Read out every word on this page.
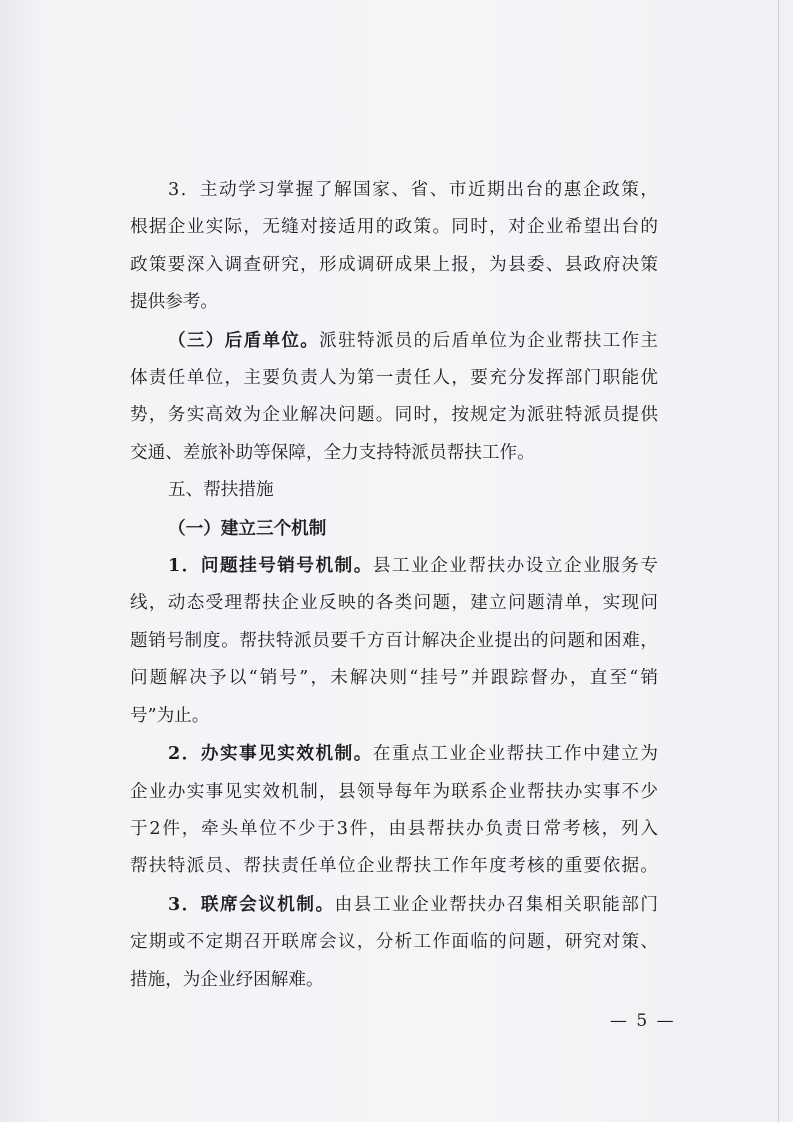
3．主动学习掌握了解国家、省、市近期出台的惠企政策，
根据企业实际，无缝对接适用的政策。同时，对企业希望出台的
政策要深入调查研究，形成调研成果上报，为县委、县政府决策
提供参考。
（三）后盾单位。派驻特派员的后盾单位为企业帮扶工作主
体责任单位，主要负责人为第一责任人，要充分发挥部门职能优
势，务实高效为企业解决问题。同时，按规定为派驻特派员提供
交通、差旅补助等保障，全力支持特派员帮扶工作。
五、帮扶措施
（一）建立三个机制
1．问题挂号销号机制。县工业企业帮扶办设立企业服务专
线，动态受理帮扶企业反映的各类问题，建立问题清单，实现问
题销号制度。帮扶特派员要千方百计解决企业提出的问题和困难，
问题解决予以“销号”，未解决则“挂号”并跟踪督办，直至“销
号”为止。
2．办实事见实效机制。在重点工业企业帮扶工作中建立为
企业办实事见实效机制，县领导每年为联系企业帮扶办实事不少
于2件，牵头单位不少于3件，由县帮扶办负责日常考核，列入
帮扶特派员、帮扶责任单位企业帮扶工作年度考核的重要依据。
3．联席会议机制。由县工业企业帮扶办召集相关职能部门
定期或不定期召开联席会议，分析工作面临的问题，研究对策、
措施，为企业纾困解难。
— 5 —
